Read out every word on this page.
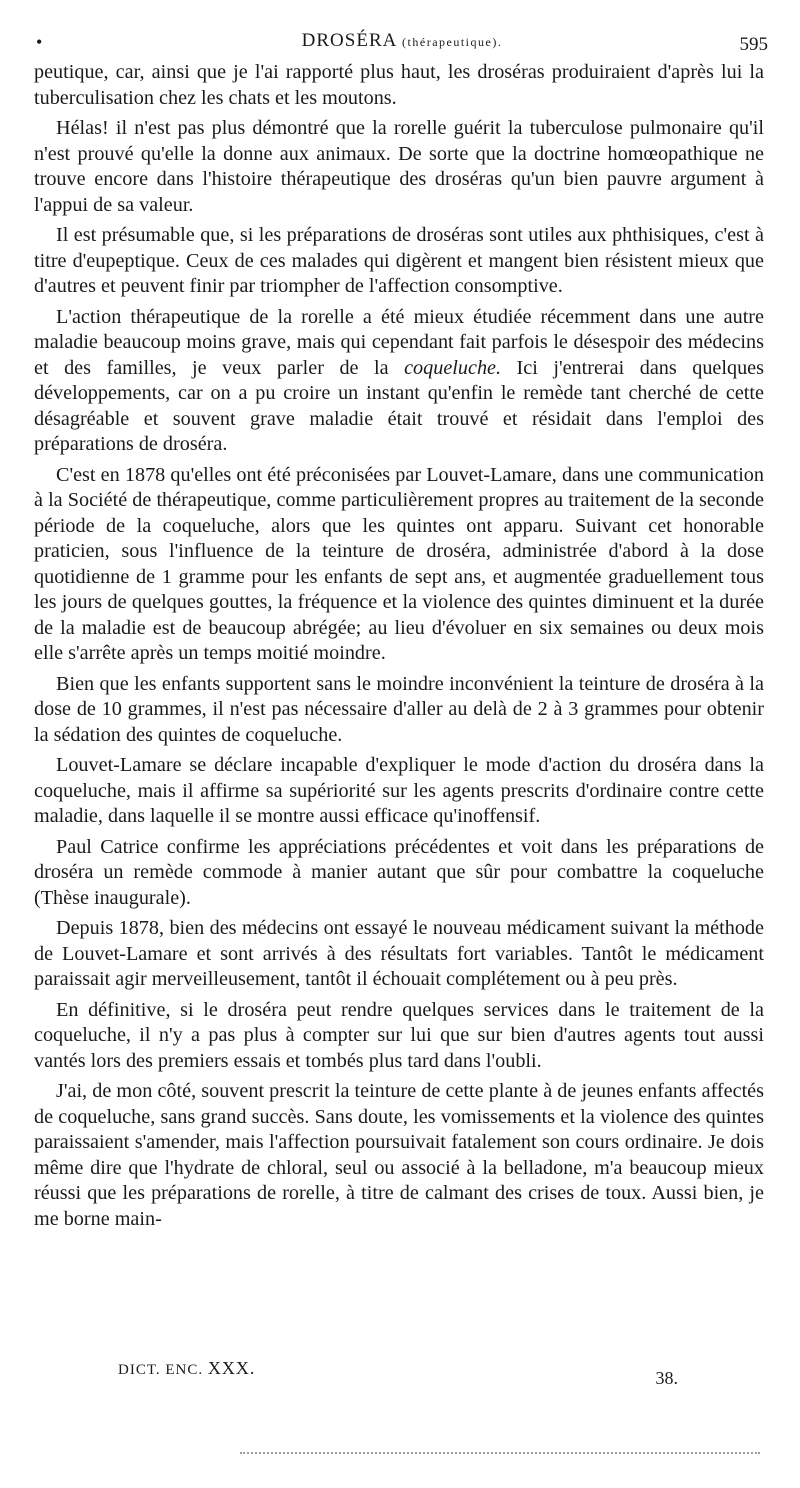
•	DROSÉRA (thérapeutique).	595

peutique, car, ainsi que je l'ai rapporté plus haut, les droséras produiraient d'après lui la tuberculisation chez les chats et les moutons.

Hélas! il n'est pas plus démontré que la rorelle guérit la tuberculose pulmonaire qu'il n'est prouvé qu'elle la donne aux animaux. De sorte que la doctrine homœopathique ne trouve encore dans l'histoire thérapeutique des droséras qu'un bien pauvre argument à l'appui de sa valeur.

Il est présumable que, si les préparations de droséras sont utiles aux phthisiques, c'est à titre d'eupeptique. Ceux de ces malades qui digèrent et mangent bien résistent mieux que d'autres et peuvent finir par triompher de l'affection consomptive.

L'action thérapeutique de la rorelle a été mieux étudiée récemment dans une autre maladie beaucoup moins grave, mais qui cependant fait parfois le désespoir des médecins et des familles, je veux parler de la coqueluche. Ici j'entrerai dans quelques développements, car on a pu croire un instant qu'enfin le remède tant cherché de cette désagréable et souvent grave maladie était trouvé et résidait dans l'emploi des préparations de droséra.

C'est en 1878 qu'elles ont été préconisées par Louvet-Lamare, dans une communication à la Société de thérapeutique, comme particulièrement propres au traitement de la seconde période de la coqueluche, alors que les quintes ont apparu. Suivant cet honorable praticien, sous l'influence de la teinture de droséra, administrée d'abord à la dose quotidienne de 1 gramme pour les enfants de sept ans, et augmentée graduellement tous les jours de quelques gouttes, la fréquence et la violence des quintes diminuent et la durée de la maladie est de beaucoup abrégée; au lieu d'évoluer en six semaines ou deux mois elle s'arrête après un temps moitié moindre.

Bien que les enfants supportent sans le moindre inconvénient la teinture de droséra à la dose de 10 grammes, il n'est pas nécessaire d'aller au delà de 2 à 3 grammes pour obtenir la sédation des quintes de coqueluche.

Louvet-Lamare se déclare incapable d'expliquer le mode d'action du droséra dans la coqueluche, mais il affirme sa supériorité sur les agents prescrits d'ordinaire contre cette maladie, dans laquelle il se montre aussi efficace qu'inoffensif.

Paul Catrice confirme les appréciations précédentes et voit dans les préparations de droséra un remède commode à manier autant que sûr pour combattre la coqueluche (Thèse inaugurale).

Depuis 1878, bien des médecins ont essayé le nouveau médicament suivant la méthode de Louvet-Lamare et sont arrivés à des résultats fort variables. Tantôt le médicament paraissait agir merveilleusement, tantôt il échouait complétement ou à peu près.

En définitive, si le droséra peut rendre quelques services dans le traitement de la coqueluche, il n'y a pas plus à compter sur lui que sur bien d'autres agents tout aussi vantés lors des premiers essais et tombés plus tard dans l'oubli.

J'ai, de mon côté, souvent prescrit la teinture de cette plante à de jeunes enfants affectés de coqueluche, sans grand succès. Sans doute, les vomissements et la violence des quintes paraissaient s'amender, mais l'affection poursuivait fatalement son cours ordinaire. Je dois même dire que l'hydrate de chloral, seul ou associé à la belladone, m'a beaucoup mieux réussi que les préparations de rorelle, à titre de calmant des crises de toux. Aussi bien, je me borne main-

DICT. ENC. XXX.	38.
